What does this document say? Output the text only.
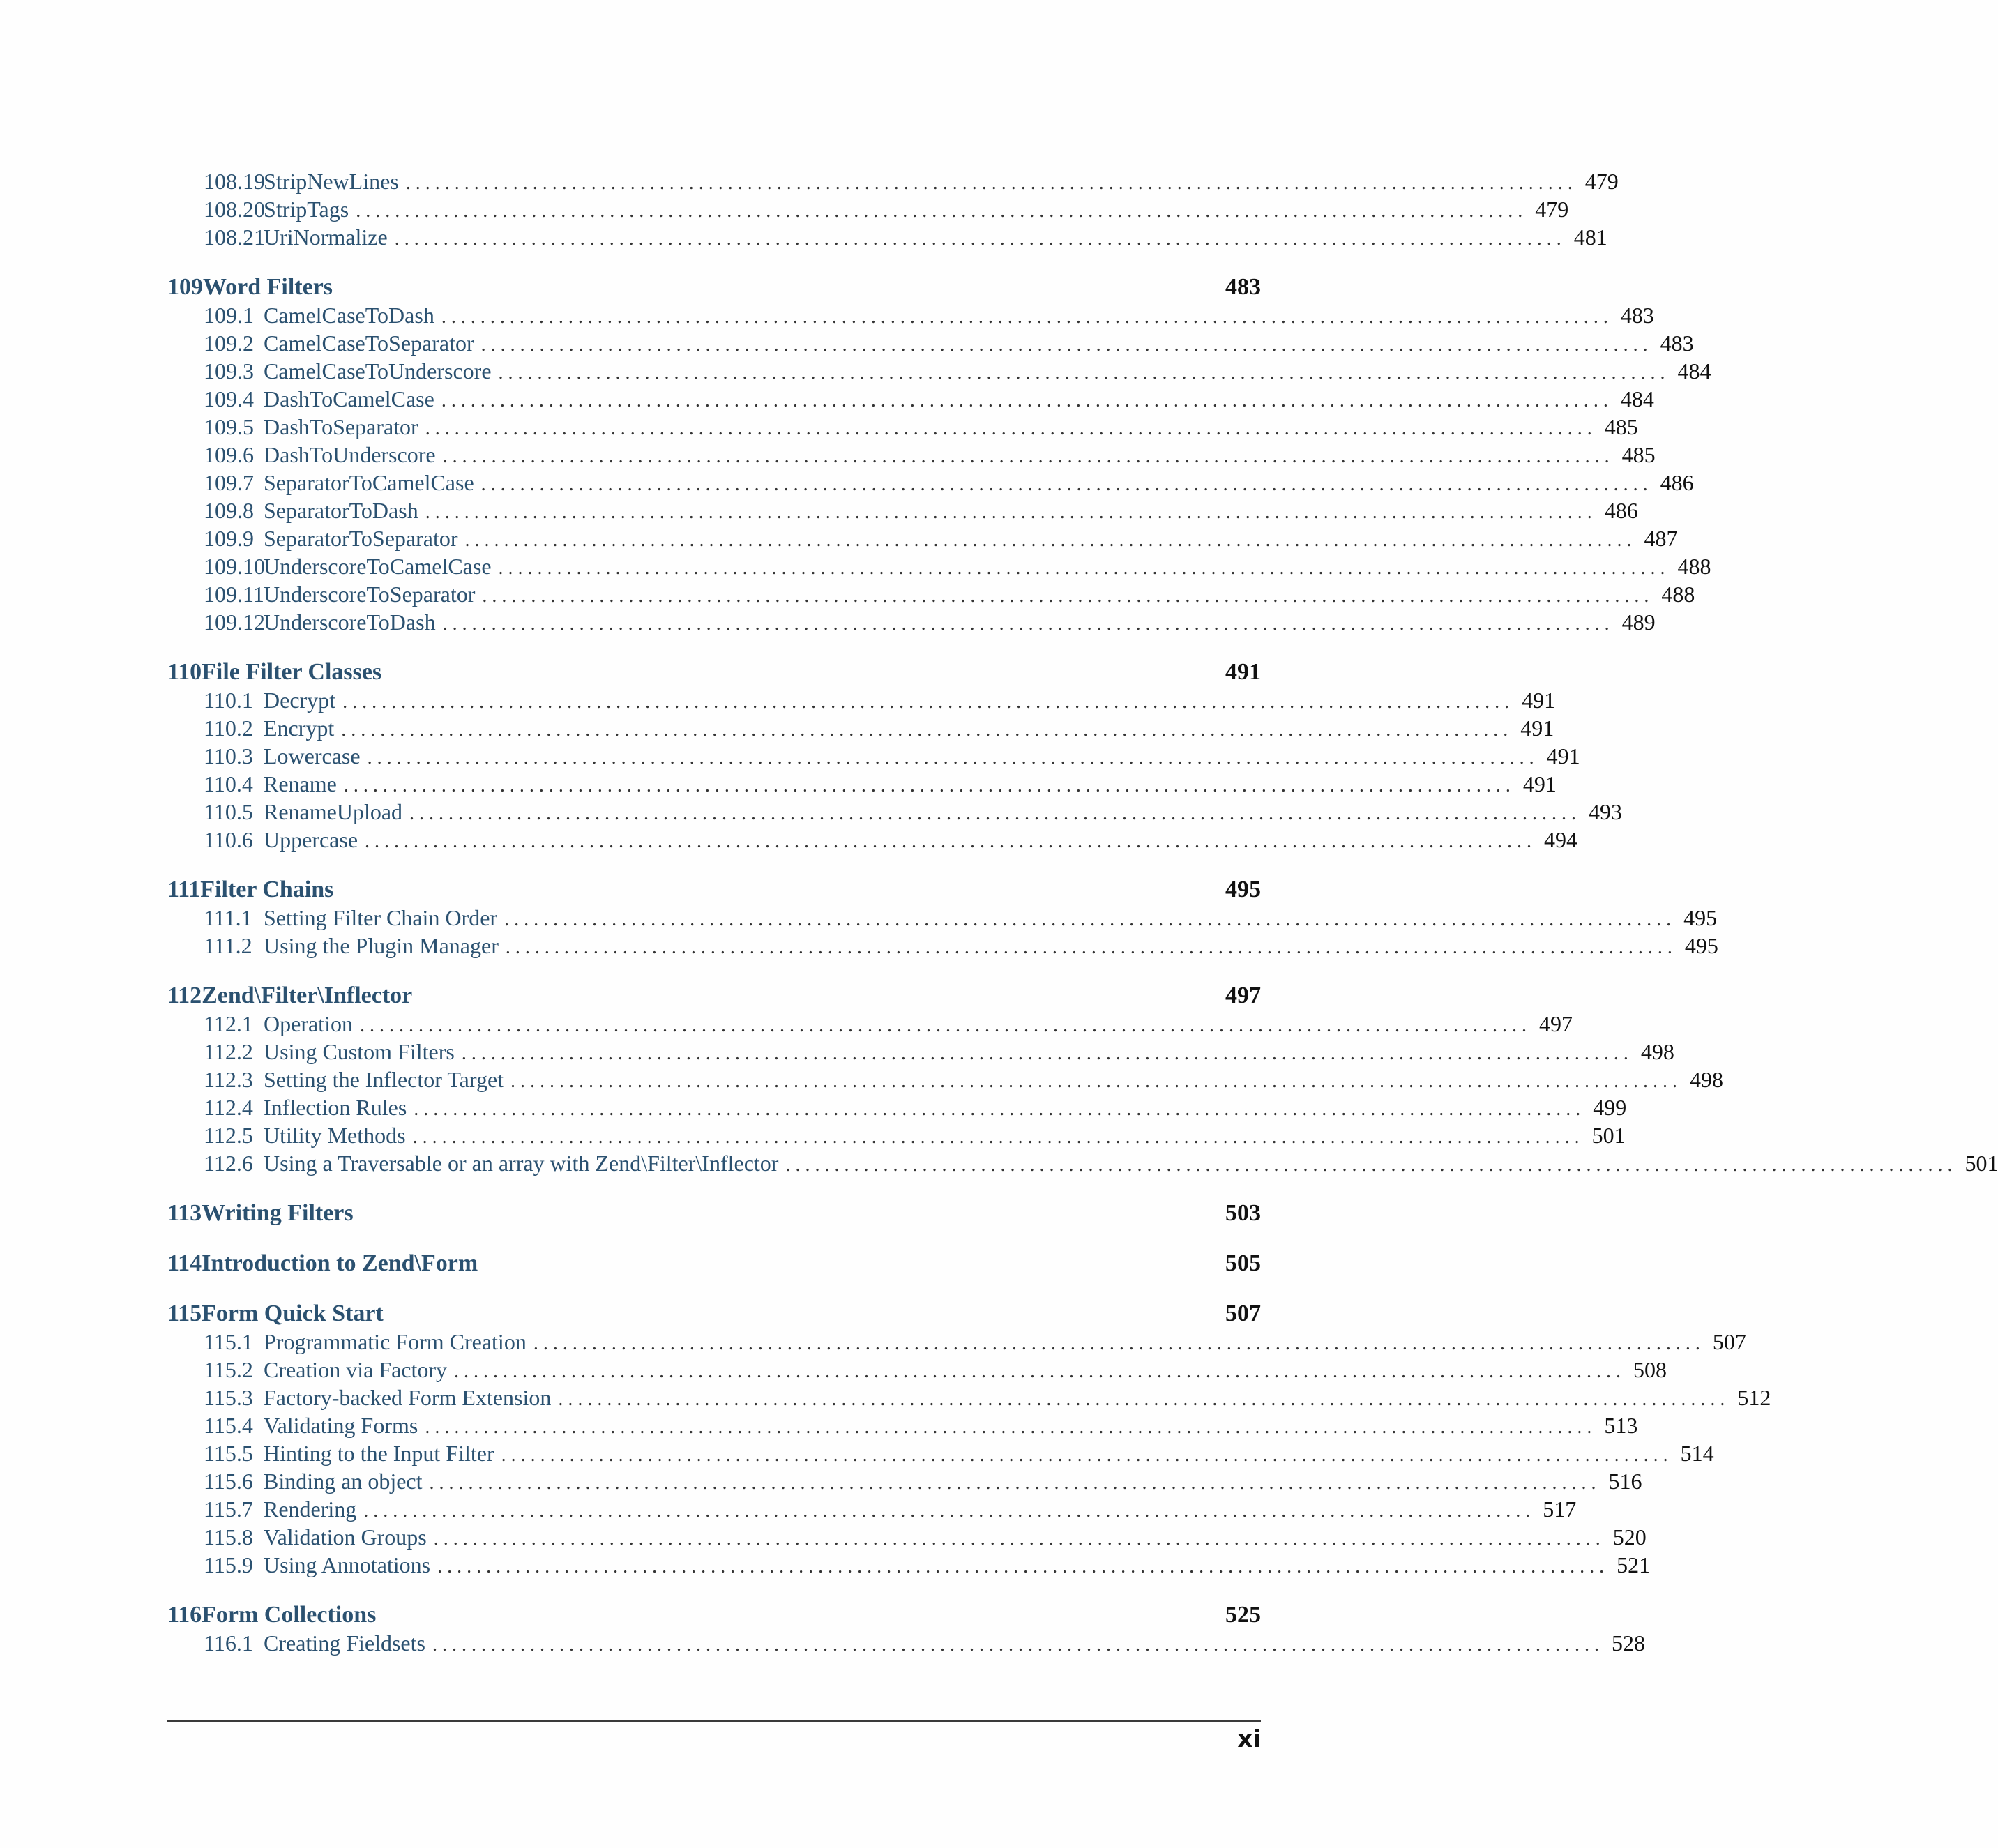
108.19
StripNewLines . . . . . . . . . . . . . . . . . . . . . . . . . . . . . . . . . . . . . . . . . . . . . . . . . . . . . . . . . . . . . . . . . . . . . . . . . . . . . . . . . . . . . . . . . . . . . . . . . . . . . . . . . . . . . . . . . . . . . . . . 479
108.20
StripTags . . . . . . . . . . . . . . . . . . . . . . . . . . . . . . . . . . . . . . . . . . . . . . . . . . . . . . . . . . . . . . . . . . . . . . . . . . . . . . . . . . . . . . . . . . . . . . . . . . . . . . . . . . . . . . . . . . . . . . . . 479
108.21
UriNormalize . . . . . . . . . . . . . . . . . . . . . . . . . . . . . . . . . . . . . . . . . . . . . . . . . . . . . . . . . . . . . . . . . . . . . . . . . . . . . . . . . . . . . . . . . . . . . . . . . . . . . . . . . . . . . . . . . . . . . . . . 481
109Word Filters	483
109.1 CamelCaseToDash . . . . . . . . . . . . . . . . . . . . . . . . . . . . . . . . . . . . . . . . . . . . . . . . . . . . . . . . . . . . . . . . . . . . . . . . . . . . . . . . . . . . . . . . . . . . . . . . . . . . . . . . . . . . . . . . . . . . . . . . 483
109.2 CamelCaseToSeparator . . . . . . . . . . . . . . . . . . . . . . . . . . . . . . . . . . . . . . . . . . . . . . . . . . . . . . . . . . . . . . . . . . . . . . . . . . . . . . . . . . . . . . . . . . . . . . . . . . . . . . . . . . . . . . . . . . . . . . . . 483
109.3 CamelCaseToUnderscore . . . . . . . . . . . . . . . . . . . . . . . . . . . . . . . . . . . . . . . . . . . . . . . . . . . . . . . . . . . . . . . . . . . . . . . . . . . . . . . . . . . . . . . . . . . . . . . . . . . . . . . . . . . . . . . . . . . . . . . . 484
109.4 DashToCamelCase . . . . . . . . . . . . . . . . . . . . . . . . . . . . . . . . . . . . . . . . . . . . . . . . . . . . . . . . . . . . . . . . . . . . . . . . . . . . . . . . . . . . . . . . . . . . . . . . . . . . . . . . . . . . . . . . . . . . . . . . 484
109.5 DashToSeparator . . . . . . . . . . . . . . . . . . . . . . . . . . . . . . . . . . . . . . . . . . . . . . . . . . . . . . . . . . . . . . . . . . . . . . . . . . . . . . . . . . . . . . . . . . . . . . . . . . . . . . . . . . . . . . . . . . . . . . . . 485
109.6 DashToUnderscore . . . . . . . . . . . . . . . . . . . . . . . . . . . . . . . . . . . . . . . . . . . . . . . . . . . . . . . . . . . . . . . . . . . . . . . . . . . . . . . . . . . . . . . . . . . . . . . . . . . . . . . . . . . . . . . . . . . . . . . . 485
109.7 SeparatorToCamelCase . . . . . . . . . . . . . . . . . . . . . . . . . . . . . . . . . . . . . . . . . . . . . . . . . . . . . . . . . . . . . . . . . . . . . . . . . . . . . . . . . . . . . . . . . . . . . . . . . . . . . . . . . . . . . . . . . . . . . . . . 486
109.8 SeparatorToDash . . . . . . . . . . . . . . . . . . . . . . . . . . . . . . . . . . . . . . . . . . . . . . . . . . . . . . . . . . . . . . . . . . . . . . . . . . . . . . . . . . . . . . . . . . . . . . . . . . . . . . . . . . . . . . . . . . . . . . . . 486
109.9 SeparatorToSeparator . . . . . . . . . . . . . . . . . . . . . . . . . . . . . . . . . . . . . . . . . . . . . . . . . . . . . . . . . . . . . . . . . . . . . . . . . . . . . . . . . . . . . . . . . . . . . . . . . . . . . . . . . . . . . . . . . . . . . . . . 487
109.10
UnderscoreToCamelCase . . . . . . . . . . . . . . . . . . . . . . . . . . . . . . . . . . . . . . . . . . . . . . . . . . . . . . . . . . . . . . . . . . . . . . . . . . . . . . . . . . . . . . . . . . . . . . . . . . . . . . . . . . . . . . . . . . . . . . . . 488
109.11 UnderscoreToSeparator . . . . . . . . . . . . . . . . . . . . . . . . . . . . . . . . . . . . . . . . . . . . . . . . . . . . . . . . . . . . . . . . . . . . . . . . . . . . . . . . . . . . . . . . . . . . . . . . . . . . . . . . . . . . . . . . . . . . . . . . 488
109.12
UnderscoreToDash . . . . . . . . . . . . . . . . . . . . . . . . . . . . . . . . . . . . . . . . . . . . . . . . . . . . . . . . . . . . . . . . . . . . . . . . . . . . . . . . . . . . . . . . . . . . . . . . . . . . . . . . . . . . . . . . . . . . . . . . 489
110File Filter Classes	491
110.1 Decrypt . . . . . . . . . . . . . . . . . . . . . . . . . . . . . . . . . . . . . . . . . . . . . . . . . . . . . . . . . . . . . . . . . . . . . . . . . . . . . . . . . . . . . . . . . . . . . . . . . . . . . . . . . . . . . . . . . . . . . . . . 491
110.2 Encrypt . . . . . . . . . . . . . . . . . . . . . . . . . . . . . . . . . . . . . . . . . . . . . . . . . . . . . . . . . . . . . . . . . . . . . . . . . . . . . . . . . . . . . . . . . . . . . . . . . . . . . . . . . . . . . . . . . . . . . . . . 491
110.3 Lowercase . . . . . . . . . . . . . . . . . . . . . . . . . . . . . . . . . . . . . . . . . . . . . . . . . . . . . . . . . . . . . . . . . . . . . . . . . . . . . . . . . . . . . . . . . . . . . . . . . . . . . . . . . . . . . . . . . . . . . . . . 491
110.4 Rename . . . . . . . . . . . . . . . . . . . . . . . . . . . . . . . . . . . . . . . . . . . . . . . . . . . . . . . . . . . . . . . . . . . . . . . . . . . . . . . . . . . . . . . . . . . . . . . . . . . . . . . . . . . . . . . . . . . . . . . . 491
110.5 RenameUpload . . . . . . . . . . . . . . . . . . . . . . . . . . . . . . . . . . . . . . . . . . . . . . . . . . . . . . . . . . . . . . . . . . . . . . . . . . . . . . . . . . . . . . . . . . . . . . . . . . . . . . . . . . . . . . . . . . . . . . . . 493
110.6 Uppercase . . . . . . . . . . . . . . . . . . . . . . . . . . . . . . . . . . . . . . . . . . . . . . . . . . . . . . . . . . . . . . . . . . . . . . . . . . . . . . . . . . . . . . . . . . . . . . . . . . . . . . . . . . . . . . . . . . . . . . . . 494
111Filter Chains	495
111.1 Setting Filter Chain Order . . . . . . . . . . . . . . . . . . . . . . . . . . . . . . . . . . . . . . . . . . . . . . . . . . . . . . . . . . . . . . . . . . . . . . . . . . . . . . . . . . . . . . . . . . . . . . . . . . . . . . . . . . . . . . . . . . . . . . . . 495
111.2 Using the Plugin Manager . . . . . . . . . . . . . . . . . . . . . . . . . . . . . . . . . . . . . . . . . . . . . . . . . . . . . . . . . . . . . . . . . . . . . . . . . . . . . . . . . . . . . . . . . . . . . . . . . . . . . . . . . . . . . . . . . . . . . . . . 495
112Zend\Filter\Inflector	497
112.1 Operation . . . . . . . . . . . . . . . . . . . . . . . . . . . . . . . . . . . . . . . . . . . . . . . . . . . . . . . . . . . . . . . . . . . . . . . . . . . . . . . . . . . . . . . . . . . . . . . . . . . . . . . . . . . . . . . . . . . . . . . . 497
112.2 Using Custom Filters . . . . . . . . . . . . . . . . . . . . . . . . . . . . . . . . . . . . . . . . . . . . . . . . . . . . . . . . . . . . . . . . . . . . . . . . . . . . . . . . . . . . . . . . . . . . . . . . . . . . . . . . . . . . . . . . . . . . . . . . 498
112.3 Setting the Inflector Target . . . . . . . . . . . . . . . . . . . . . . . . . . . . . . . . . . . . . . . . . . . . . . . . . . . . . . . . . . . . . . . . . . . . . . . . . . . . . . . . . . . . . . . . . . . . . . . . . . . . . . . . . . . . . . . . . . . . . . . . 498
112.4 Inflection Rules . . . . . . . . . . . . . . . . . . . . . . . . . . . . . . . . . . . . . . . . . . . . . . . . . . . . . . . . . . . . . . . . . . . . . . . . . . . . . . . . . . . . . . . . . . . . . . . . . . . . . . . . . . . . . . . . . . . . . . . . 499
112.5 Utility Methods . . . . . . . . . . . . . . . . . . . . . . . . . . . . . . . . . . . . . . . . . . . . . . . . . . . . . . . . . . . . . . . . . . . . . . . . . . . . . . . . . . . . . . . . . . . . . . . . . . . . . . . . . . . . . . . . . . . . . . . . 501
112.6 Using a Traversable or an array with Zend\Filter\Inflector . . . . . . . . . . . . . . . . . . . . . . . . . . . . . . . . . . . . . . . . . . . . . . . . . . . . . . . . . . . . . . . . . . . . . . . . . . . . . . . . . . . . . . . . . . . . . . . . . . . . . . . . . . . . . . . . . . . . . . . . 501
113Writing Filters	503
114Introduction to Zend\Form	505
115Form Quick Start	507
115.1 Programmatic Form Creation . . . . . . . . . . . . . . . . . . . . . . . . . . . . . . . . . . . . . . . . . . . . . . . . . . . . . . . . . . . . . . . . . . . . . . . . . . . . . . . . . . . . . . . . . . . . . . . . . . . . . . . . . . . . . . . . . . . . . . . . 507
115.2 Creation via Factory . . . . . . . . . . . . . . . . . . . . . . . . . . . . . . . . . . . . . . . . . . . . . . . . . . . . . . . . . . . . . . . . . . . . . . . . . . . . . . . . . . . . . . . . . . . . . . . . . . . . . . . . . . . . . . . . . . . . . . . . 508
115.3 Factory-backed Form Extension . . . . . . . . . . . . . . . . . . . . . . . . . . . . . . . . . . . . . . . . . . . . . . . . . . . . . . . . . . . . . . . . . . . . . . . . . . . . . . . . . . . . . . . . . . . . . . . . . . . . . . . . . . . . . . . . . . . . . . . . 512
115.4 Validating Forms . . . . . . . . . . . . . . . . . . . . . . . . . . . . . . . . . . . . . . . . . . . . . . . . . . . . . . . . . . . . . . . . . . . . . . . . . . . . . . . . . . . . . . . . . . . . . . . . . . . . . . . . . . . . . . . . . . . . . . . . 513
115.5 Hinting to the Input Filter . . . . . . . . . . . . . . . . . . . . . . . . . . . . . . . . . . . . . . . . . . . . . . . . . . . . . . . . . . . . . . . . . . . . . . . . . . . . . . . . . . . . . . . . . . . . . . . . . . . . . . . . . . . . . . . . . . . . . . . . 514
115.6 Binding an object . . . . . . . . . . . . . . . . . . . . . . . . . . . . . . . . . . . . . . . . . . . . . . . . . . . . . . . . . . . . . . . . . . . . . . . . . . . . . . . . . . . . . . . . . . . . . . . . . . . . . . . . . . . . . . . . . . . . . . . . 516
115.7 Rendering . . . . . . . . . . . . . . . . . . . . . . . . . . . . . . . . . . . . . . . . . . . . . . . . . . . . . . . . . . . . . . . . . . . . . . . . . . . . . . . . . . . . . . . . . . . . . . . . . . . . . . . . . . . . . . . . . . . . . . . . 517
115.8 Validation Groups . . . . . . . . . . . . . . . . . . . . . . . . . . . . . . . . . . . . . . . . . . . . . . . . . . . . . . . . . . . . . . . . . . . . . . . . . . . . . . . . . . . . . . . . . . . . . . . . . . . . . . . . . . . . . . . . . . . . . . . . 520
115.9 Using Annotations . . . . . . . . . . . . . . . . . . . . . . . . . . . . . . . . . . . . . . . . . . . . . . . . . . . . . . . . . . . . . . . . . . . . . . . . . . . . . . . . . . . . . . . . . . . . . . . . . . . . . . . . . . . . . . . . . . . . . . . . 521
116Form Collections	525
116.1 Creating Fieldsets . . . . . . . . . . . . . . . . . . . . . . . . . . . . . . . . . . . . . . . . . . . . . . . . . . . . . . . . . . . . . . . . . . . . . . . . . . . . . . . . . . . . . . . . . . . . . . . . . . . . . . . . . . . . . . . . . . . . . . . . 528
xi
